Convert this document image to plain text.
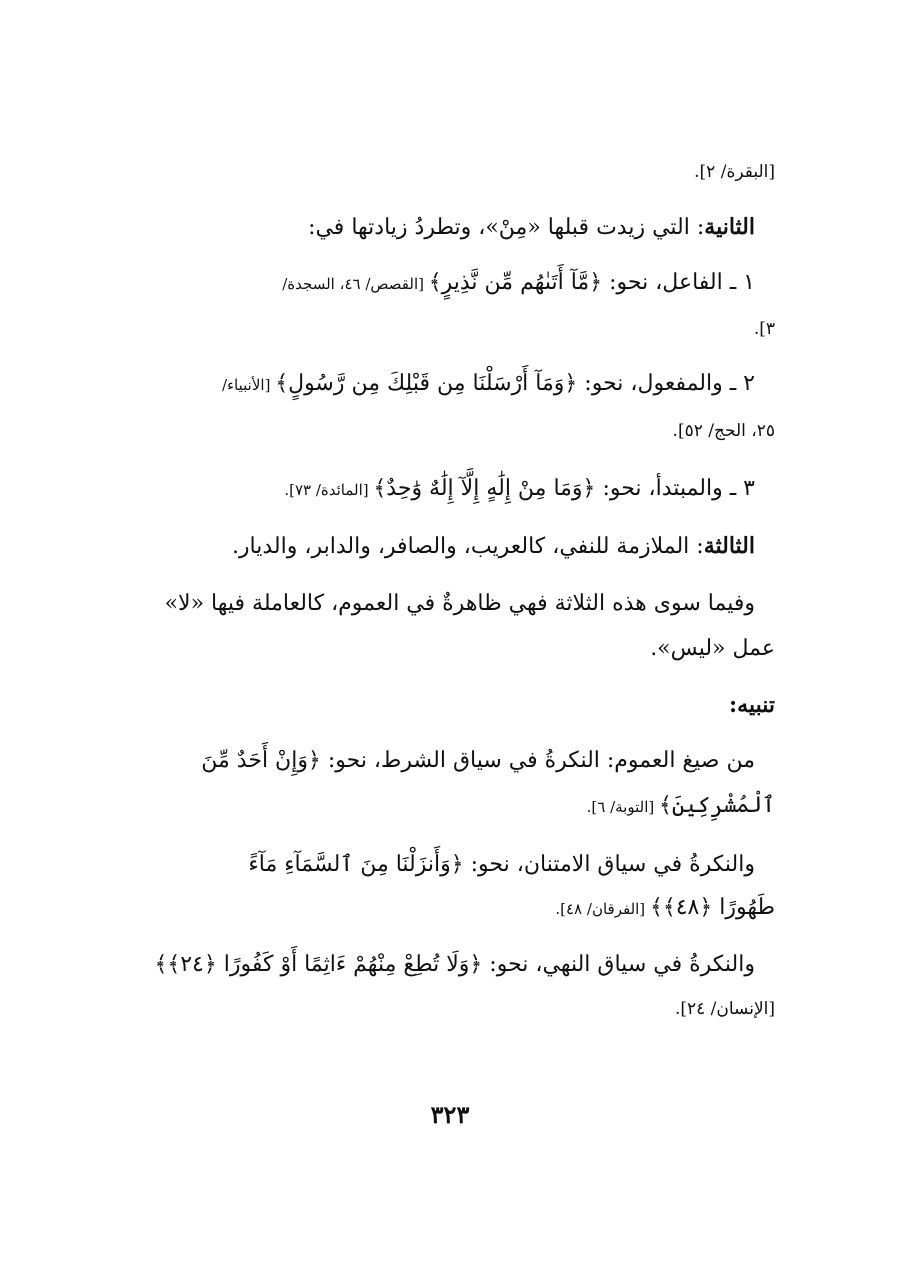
[البقرة/ ٢].
الثانية: التي زيدت قبلها «مِنْ»، وتطردُ زيادتها في:
١ ـ الفاعل، نحو: ﴿مَّآ أَتَىٰهُم مِّن نَّذِيرٍ﴾ [القصص/ ٤٦، السجدة/
٣].
٢ ـ والمفعول، نحو: ﴿وَمَآ أَرْسَلْنَا مِن قَبْلِكَ مِن رَّسُولٍ﴾ [الأنبياء/
٢٥، الحج/ ٥٢].
٣ ـ والمبتدأ، نحو: ﴿وَمَا مِنْ إِلَٰهٍ إِلَّآ إِلَٰهٌ وَٰحِدٌ﴾ [المائدة/ ٧٣].
الثالثة: الملازمة للنفي، كالعريب، والصافر، والدابر، والديار.
وفيما سوى هذه الثلاثة فهي ظاهرةٌ في العموم، كالعاملة فيها «لا»
عمل «ليس».
تنبيه:
من صيغ العموم: النكرةُ في سياق الشرط، نحو: ﴿وَإِنْ أَحَدٌ مِّنَ
ٱلْمُشْرِكِينَ﴾ [التوبة/ ٦].
والنكرةُ في سياق الامتنان، نحو: ﴿وَأَنزَلْنَا مِنَ ٱلسَّمَآءِ مَآءً
طَهُورًا ﴿٤٨﴾﴾ [الفرقان/ ٤٨].
والنكرةُ في سياق النهي، نحو: ﴿وَلَا تُطِعْ مِنْهُمْ ءَاثِمًا أَوْ كَفُورًا ﴿٢٤﴾﴾
[الإنسان/ ٢٤].
٣٢٣
